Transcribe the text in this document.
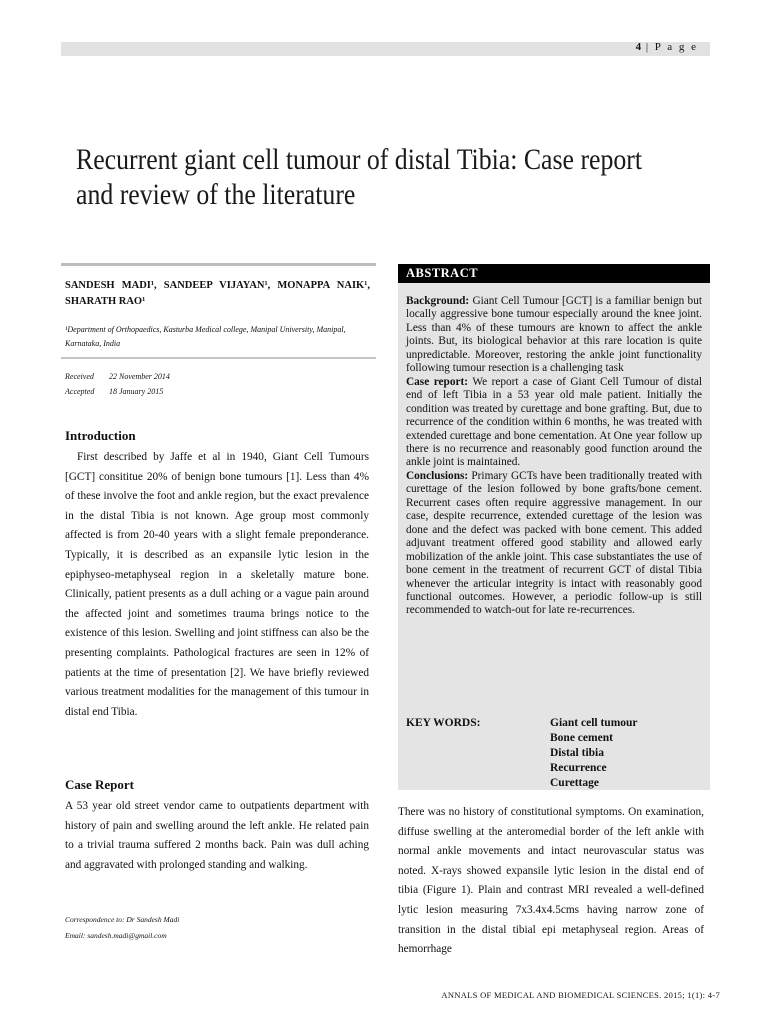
4 | P a g e
Recurrent giant cell tumour of distal Tibia: Case report
and review of the literature
SANDESH MADI¹, SANDEEP VIJAYAN¹, MONAPPA NAIK¹, SHARATH RAO¹
¹Department of Orthopaedics, Kasturba Medical college, Manipal University, Manipal, Karnataka, India
Received 22 November 2014
Accepted 18 January 2015
Introduction

First described by Jaffe et al in 1940, Giant Cell Tumours [GCT] consititue 20% of benign bone tumours [1]. Less than 4% of these involve the foot and ankle region, but the exact prevalence in the distal Tibia is not known. Age group most commonly affected is from 20-40 years with a slight female preponderance. Typically, it is described as an expansile lytic lesion in the epiphyseo-metaphyseal region in a skeletally mature bone. Clinically, patient presents as a dull aching or a vague pain around the affected joint and sometimes trauma brings notice to the existence of this lesion. Swelling and joint stiffness can also be the presenting complaints. Pathological fractures are seen in 12% of patients at the time of presentation [2]. We have briefly reviewed various treatment modalities for the management of this tumour in distal end Tibia.

Case Report

A 53 year old street vendor came to outpatients department with history of pain and swelling around the left ankle. He related pain to a trivial trauma suffered 2 months back. Pain was dull aching and aggravated with prolonged standing and walking.

Correspondence to: Dr Sandesh Madi
Email: sandesh.madi@gmail.com
ABSTRACT

Background: Giant Cell Tumour [GCT] is a familiar benign but locally aggressive bone tumour especially around the knee joint. Less than 4% of these tumours are known to affect the ankle joints. But, its biological behavior at this rare location is quite unpredictable. Moreover, restoring the ankle joint functionality following tumour resection is a challenging task

Case report: We report a case of Giant Cell Tumour of distal end of left Tibia in a 53 year old male patient. Initially the condition was treated by curettage and bone grafting. But, due to recurrence of the condition within 6 months, he was treated with extended curettage and bone cementation. At One year follow up there is no recurrence and reasonably good function around the ankle joint is maintained.

Conclusions: Primary GCTs have been traditionally treated with curettage of the lesion followed by bone grafts/bone cement. Recurrent cases often require aggressive management. In our case, despite recurrence, extended curettage of the lesion was done and the defect was packed with bone cement. This added adjuvant treatment offered good stability and allowed early mobilization of the ankle joint. This case substantiates the use of bone cement in the treatment of recurrent GCT of distal Tibia whenever the articular integrity is intact with reasonably good functional outcomes. However, a periodic follow-up is still recommended to watch-out for late re-recurrences.

KEY WORDS:	Giant cell tumour
Bone cement
Distal tibia
Recurrence
Curettage

There was no history of constitutional symptoms. On examination, diffuse swelling at the anteromedial border of the left ankle with normal ankle movements and intact neurovascular status was noted. X-rays showed expansile lytic lesion in the distal end of tibia (Figure 1). Plain and contrast MRI revealed a well-defined lytic lesion measuring 7x3.4x4.5cms having narrow zone of transition in the distal tibial epi metaphyseal region. Areas of hemorrhage

ANNALS OF MEDICAL AND BIOMEDICAL SCIENCES. 2015; 1(1): 4-7
